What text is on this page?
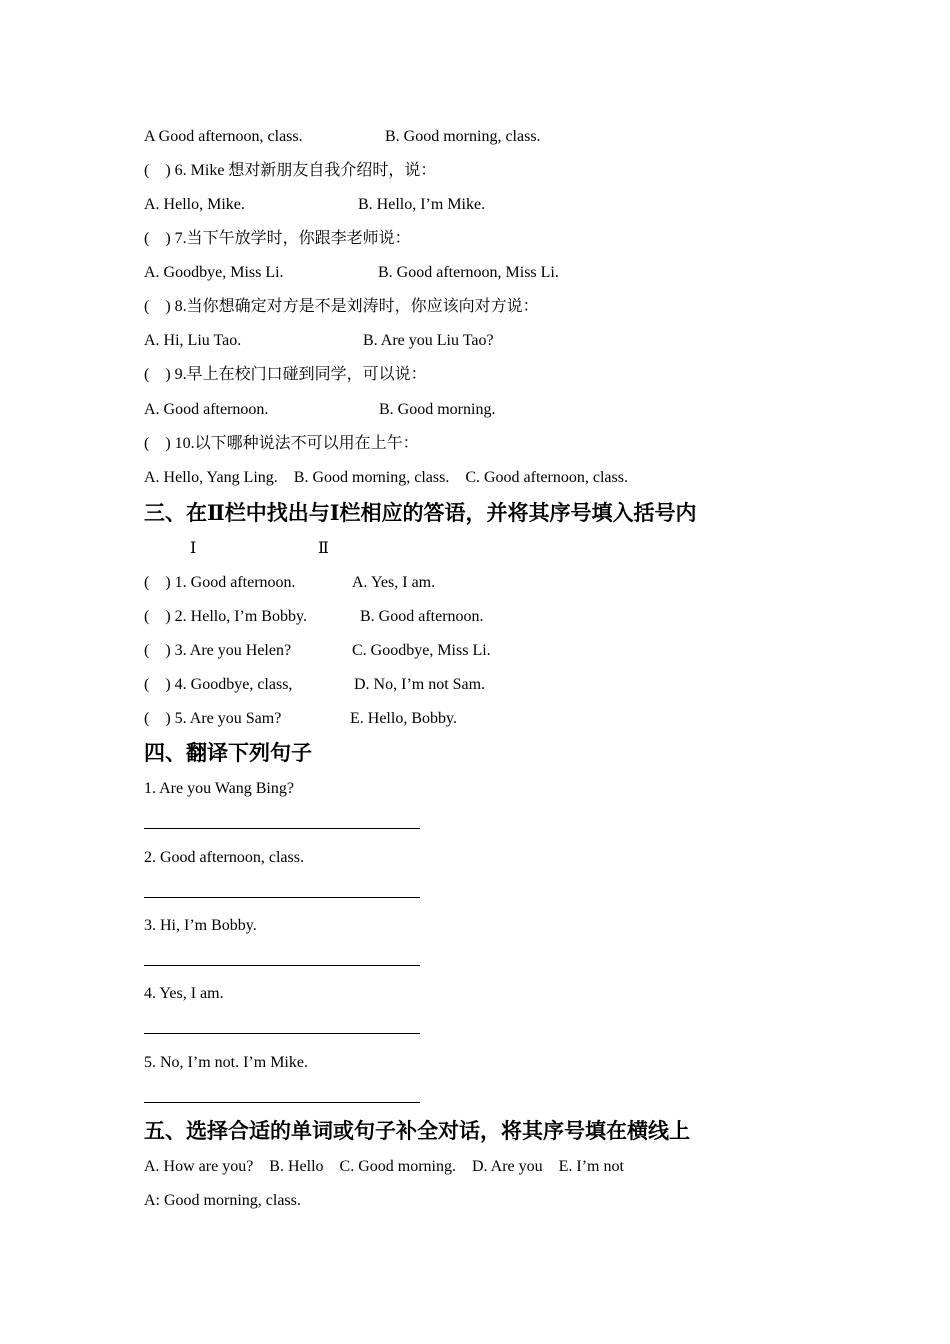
A Good afternoon, class.	B. Good morning, class.
(    ) 6. Mike 想对新朋友自我介绍时，说：
A. Hello, Mike.	B. Hello, I’m Mike.
(    ) 7.当下午放学时，你跟李老师说：
A. Goodbye, Miss Li.	B. Good afternoon, Miss Li.
(    ) 8.当你想确定对方是不是刘涛时，你应该向对方说：
A. Hi, Liu Tao.	B. Are you Liu Tao?
(    ) 9.早上在校门口碰到同学，可以说：
A. Good afternoon.	B. Good morning.
(    ) 10.以下哪种说法不可以用在上午：
A. Hello, Yang Ling.    B. Good morning, class.    C. Good afternoon, class.
三、在Ⅱ栏中找出与Ⅰ栏相应的答语，并将其序号填入括号内
Ⅰ	Ⅱ
(    ) 1. Good afternoon.	A. Yes, I am.
(    ) 2. Hello, I’m Bobby.	B. Good afternoon.
(    ) 3. Are you Helen?	C. Goodbye, Miss Li.
(    ) 4. Goodbye, class,	D. No, I’m not Sam.
(    ) 5. Are you Sam?	E. Hello, Bobby.
四、翻译下列句子
1. Are you Wang Bing?
2. Good afternoon, class.
3. Hi, I’m Bobby.
4. Yes, I am.
5. No, I’m not. I’m Mike.
五、选择合适的单词或句子补全对话，将其序号填在横线上
A. How are you?    B. Hello    C. Good morning.    D. Are you    E. I’m not
A: Good morning, class.
